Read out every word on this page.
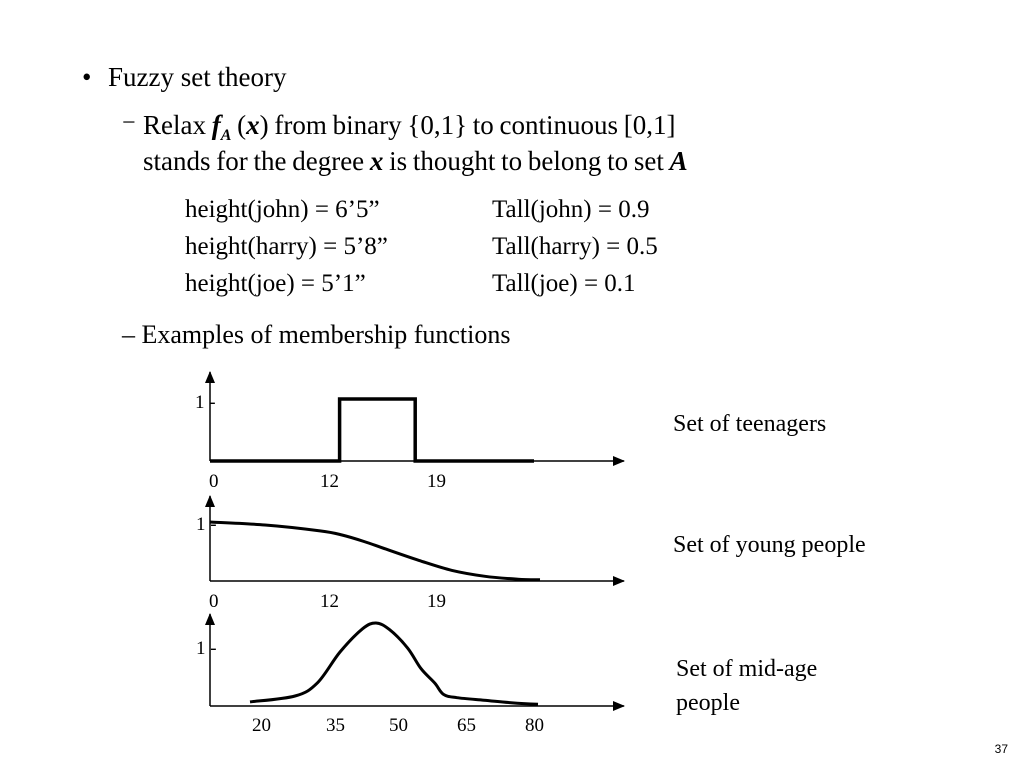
• Fuzzy set theory
− Relax $f_A$ (x) from binary {0,1} to continuous [0,1]
stands for the degree x is thought to belong to set A
height(john) = 6’5”	Tall(john) = 0.9
height(harry) = 5’8”	Tall(harry) = 0.5
height(joe) = 5’1”	Tall(joe) = 0.1
– Examples of membership functions
1 -
0	12	19
1 -
0	12	19
1 -
20	35 50	65	80
Set of teenagers
Set of young people
Set of mid-age
people
37
